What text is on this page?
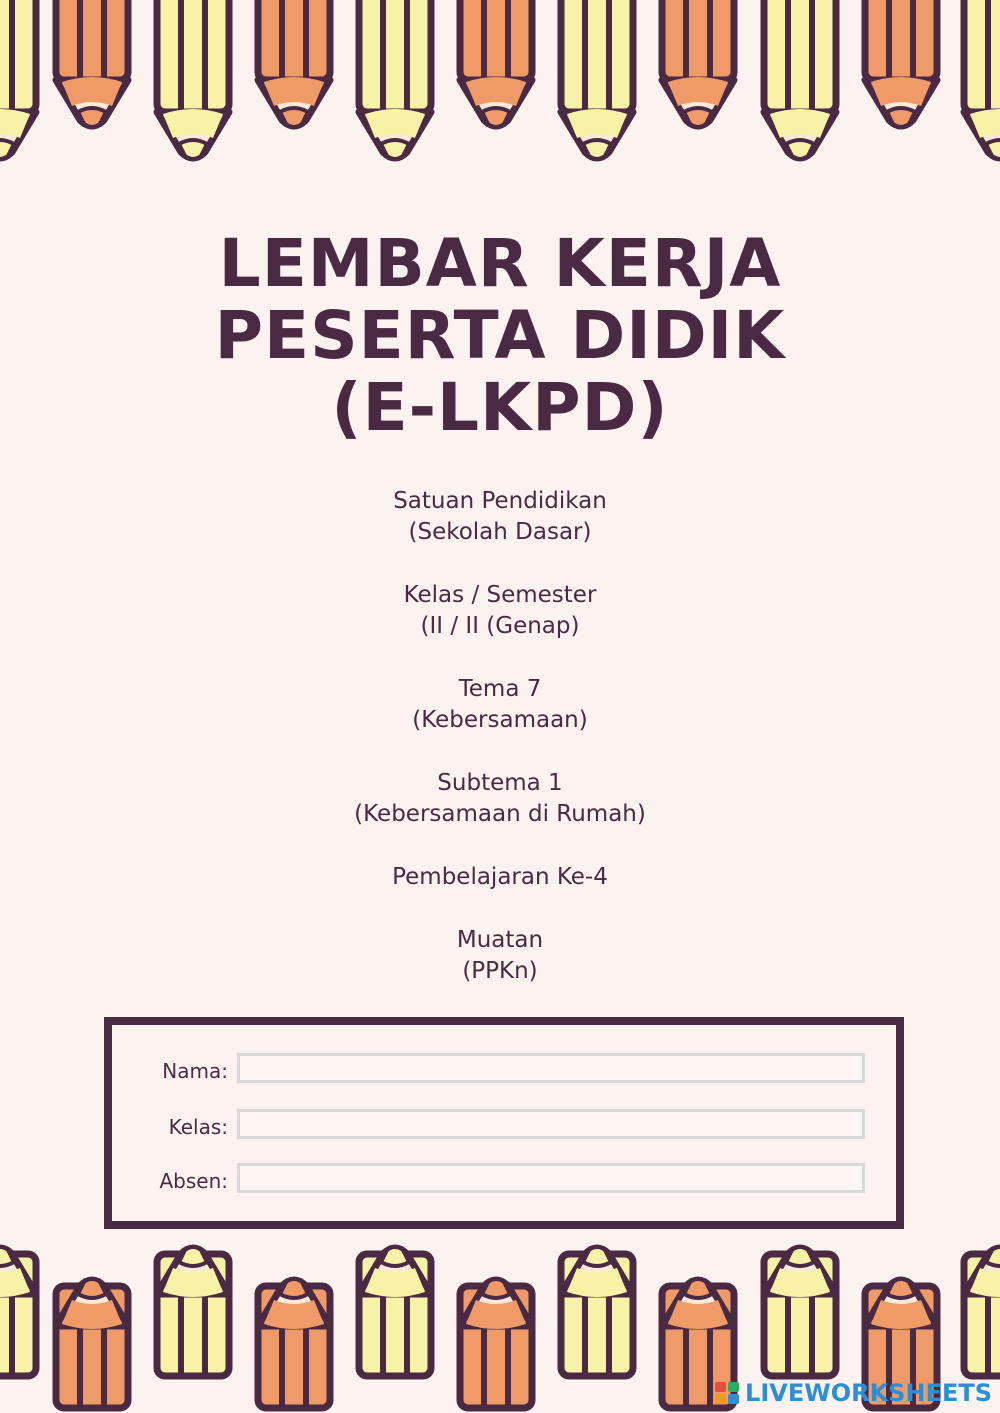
LEMBAR KERJA
PESERTA DIDIK
(E-LKPD)

Satuan Pendidikan

(Sekolah Dasar)

Kelas / Semester

(II / II (Genap)

Tema 7

(Kebersamaan)

Subtema 1

(Kebersamaan di Rumah)

Pembelajaran Ke-4

Muatan

(PPKn)

Nama:
Kelas:
Absen:
LIVEWORKSHEETS
